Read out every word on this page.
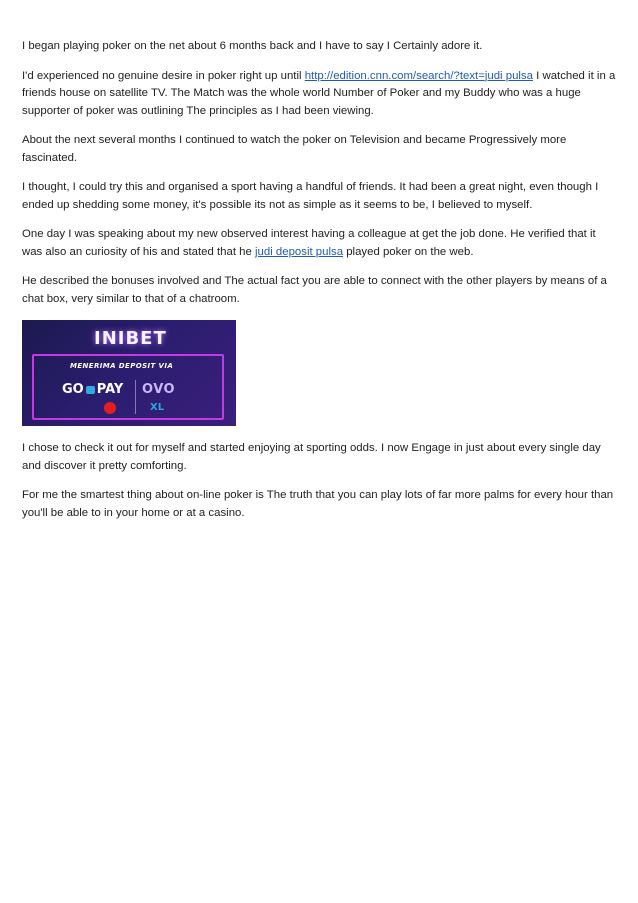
I began playing poker on the net about 6 months back and I have to say I Certainly adore it.

I'd experienced no genuine desire in poker right up until http://edition.cnn.com/search/?text=judi pulsa I watched it in a friends house on satellite TV. The Match was the whole world Number of Poker and my Buddy who was a huge supporter of poker was outlining The principles as I had been viewing.

About the next several months I continued to watch the poker on Television and became Progressively more fascinated.

I thought, I could try this and organised a sport having a handful of friends. It had been a great night, even though I ended up shedding some money, it's possible its not as simple as it seems to be, I believed to myself.

One day I was speaking about my new observed interest having a colleague at get the job done. He verified that it was also an curiosity of his and stated that he judi deposit pulsa played poker on the web.

He described the bonuses involved and The actual fact you are able to connect with the other players by means of a chat box, very similar to that of a chatroom.

INIBET
MENERIMA DEPOSIT VIA
GO PAY OVO
XL

I chose to check it out for myself and started enjoying at sporting odds. I now Engage in just about every single day and discover it pretty comforting.

For me the smartest thing about on-line poker is The truth that you can play lots of far more palms for every hour than you'll be able to in your home or at a casino.
